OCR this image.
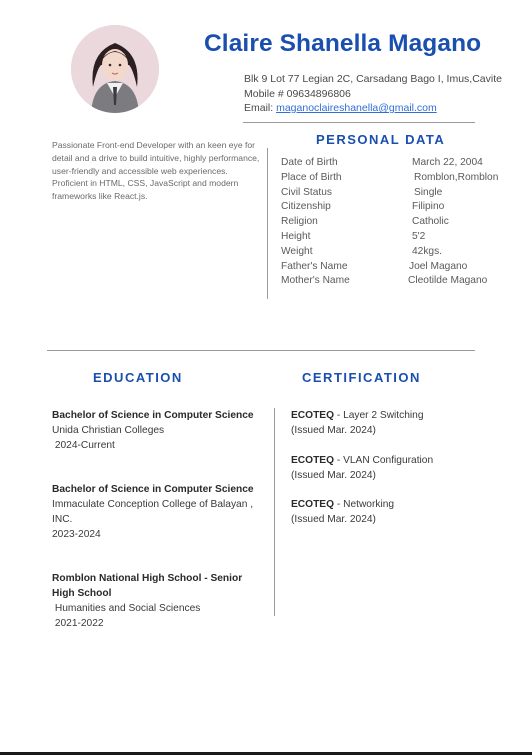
Claire Shanella Magano
Blk 9 Lot 77 Legian 2C, Carsadang Bago I, Imus,Cavite
Mobile # 09634896806
Email: maganoclaireshanella@gmail.com
Passionate Front-end Developer with an keen eye for detail and a drive to build intuitive, highly performance, user-friendly and accessible web experiences. Proficient in HTML, CSS, JavaScript and modern frameworks like React.js.
PERSONAL DATA
Date of Birth	March 22, 2004
Place of Birth	Romblon,Romblon
Civil Status	Single
Citizenship	Filipino
Religion	Catholic
Height	5'2
Weight	42kgs.
Father's Name	Joel Magano
Mother's Name	Cleotilde Magano
EDUCATION
Bachelor of Science in Computer Science
Unida Christian Colleges
2024-Current
Bachelor of Science in Computer Science
Immaculate Conception College of Balayan , INC.
2023-2024
Romblon National High School - Senior High School
Humanities and Social Sciences
2021-2022
CERTIFICATION
ECOTEQ - Layer 2 Switching
(Issued Mar. 2024)
ECOTEQ - VLAN Configuration
(Issued Mar. 2024)
ECOTEQ - Networking
(Issued Mar. 2024)
